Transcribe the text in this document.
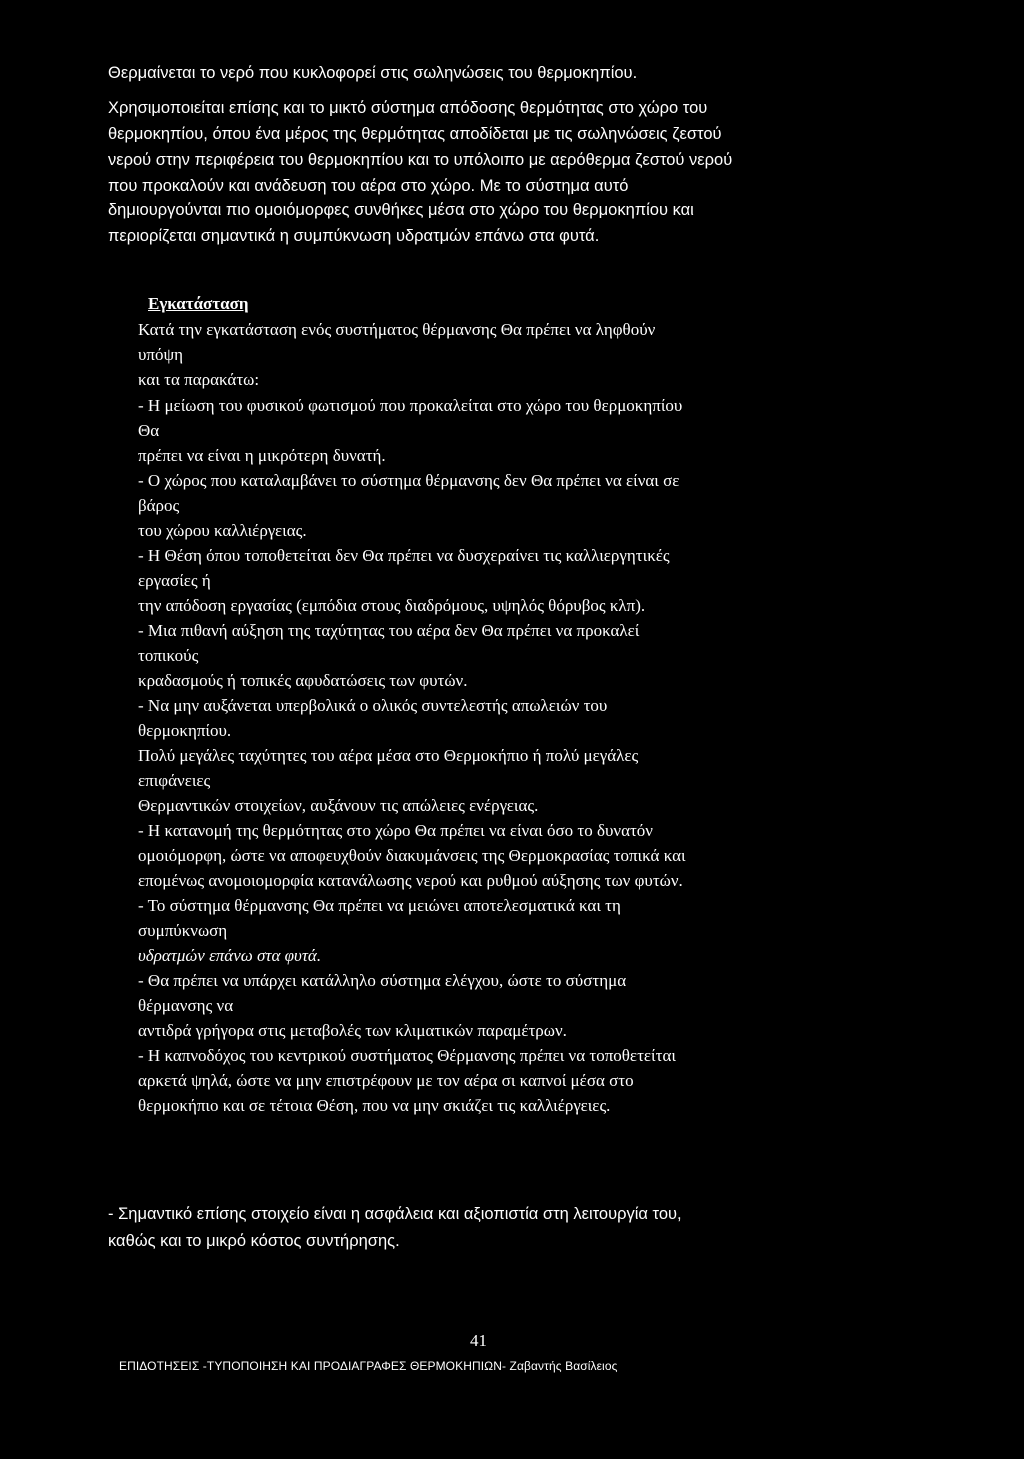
Θερμαίνεται το νερό που κυκλοφορεί στις σωληνώσεις του θερμοκηπίου.
Χρησιμοποιείται επίσης και το μικτό σύστημα απόδοσης θερμότητας στο χώρο του
θερμοκηπίου, όπου ένα μέρος της θερμότητας αποδίδεται με τις σωληνώσεις ζεστού
νερού στην περιφέρεια του θερμοκηπίου και το υπόλοιπο με αερόθερμα ζεστού νερού
που προκαλούν και ανάδευση του αέρα στο χώρο. Με το σύστημα αυτό
δημιουργούνται πιο ομοιόμορφες συνθήκες μέσα στο χώρο του θερμοκηπίου και
περιορίζεται σημαντικά η συμπύκνωση υδρατμών επάνω στα φυτά.
Εγκατάσταση
Κατά την εγκατάσταση ενός συστήματος θέρμανσης Θα πρέπει να ληφθούν
υπόψη
και τα παρακάτω:
- Η μείωση του φυσικού φωτισμού που προκαλείται στο χώρο του θερμοκηπίου
Θα
πρέπει να είναι η μικρότερη δυνατή.
- Ο χώρος που καταλαμβάνει το σύστημα θέρμανσης δεν Θα πρέπει να είναι σε
βάρος
του χώρου καλλιέργειας.
- Η Θέση όπου τοποθετείται δεν Θα πρέπει να δυσχεραίνει τις καλλιεργητικές
εργασίες ή
την απόδοση εργασίας (εμπόδια στους διαδρόμους, υψηλός θόρυβος κλπ).
- Μια πιθανή αύξηση της ταχύτητας του αέρα δεν Θα πρέπει να προκαλεί
τοπικούς
κραδασμούς ή τοπικές αφυδατώσεις των φυτών.
- Να μην αυξάνεται υπερβολικά ο ολικός συντελεστής απωλειών του
θερμοκηπίου.
Πολύ μεγάλες ταχύτητες του αέρα μέσα στο Θερμοκήπιο ή πολύ μεγάλες
επιφάνειες
Θερμαντικών στοιχείων, αυξάνουν τις απώλειες ενέργειας.
- Η κατανομή της θερμότητας στο χώρο Θα πρέπει να είναι όσο το δυνατόν
ομοιόμορφη, ώστε να αποφευχθούν διακυμάνσεις της Θερμοκρασίας τοπικά και
επομένως ανομοιομορφία κατανάλωσης νερού και ρυθμού αύξησης των φυτών.
- Το σύστημα θέρμανσης Θα πρέπει να μειώνει αποτελεσματικά και τη
συμπύκνωση
υδρατμών επάνω στα φυτά.
- Θα πρέπει να υπάρχει κατάλληλο σύστημα ελέγχου, ώστε το σύστημα
θέρμανσης να
αντιδρά γρήγορα στις μεταβολές των κλιματικών παραμέτρων.
- Η καπνοδόχος του κεντρικού συστήματος Θέρμανσης πρέπει να τοποθετείται
αρκετά ψηλά, ώστε να μην επιστρέφουν με τον αέρα σι καπνοί μέσα στο
θερμοκήπιο και σε τέτοια Θέση, που να μην σκιάζει τις καλλιέργειες.
- Σημαντικό επίσης στοιχείο είναι η ασφάλεια και αξιοπιστία στη λειτουργία του,
καθώς και το μικρό κόστος συντήρησης.
41
ΕΠΙΔΟΤΗΣΕΙΣ -ΤΥΠΟΠΟΙΗΣΗ ΚΑΙ ΠΡΟΔΙΑΓΡΑΦΕΣ ΘΕΡΜΟΚΗΠΙΩΝ- Ζαβαντής Βασίλειος
